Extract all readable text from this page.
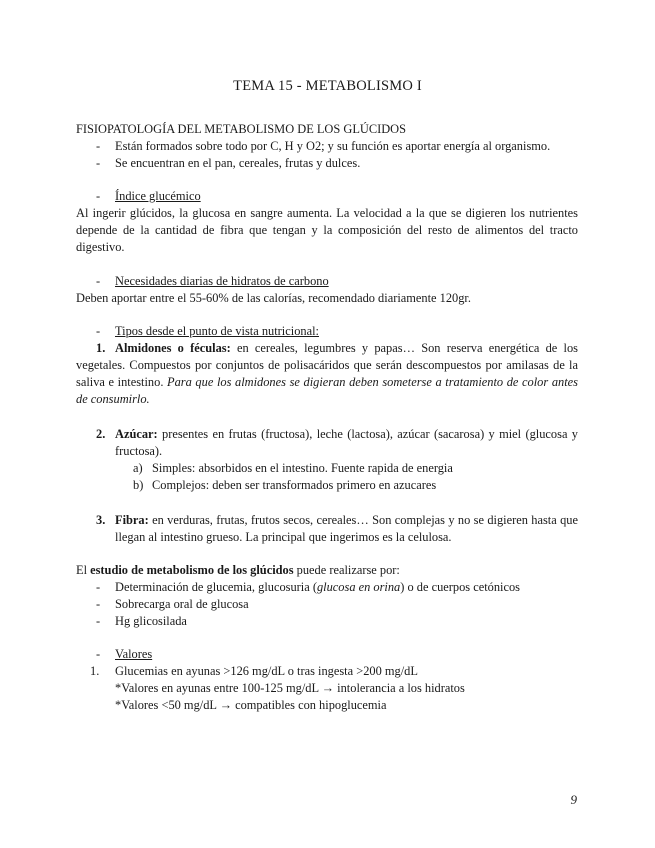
TEMA 15 - METABOLISMO I
FISIOPATOLOGÍA DEL METABOLISMO DE LOS GLÚCIDOS
- Están formados sobre todo por C, H y O2; y su función es aportar energía al organismo.
- Se encuentran en el pan, cereales, frutas y dulces.
- Índice glucémico
Al ingerir glúcidos, la glucosa en sangre aumenta. La velocidad a la que se digieren los nutrientes depende de la cantidad de fibra que tengan y la composición del resto de alimentos del tracto digestivo.
- Necesidades diarias de hidratos de carbono
Deben aportar entre el 55-60% de las calorías, recomendado diariamente 120gr.
- Tipos desde el punto de vista nutricional:
1. Almidones o féculas: en cereales, legumbres y papas… Son reserva energética de los vegetales. Compuestos por conjuntos de polisacáridos que serán descompuestos por amilasas de la saliva e intestino. Para que los almidones se digieran deben someterse a tratamiento de color antes de consumirlo.
2. Azúcar: presentes en frutas (fructosa), leche (lactosa), azúcar (sacarosa) y miel (glucosa y fructosa).
a) Simples: absorbidos en el intestino. Fuente rapida de energia
b) Complejos: deben ser transformados primero en azucares
3. Fibra: en verduras, frutas, frutos secos, cereales… Son complejas y no se digieren hasta que llegan al intestino grueso. La principal que ingerimos es la celulosa.
El estudio de metabolismo de los glúcidos puede realizarse por:
- Determinación de glucemia, glucosuria (glucosa en orina) o de cuerpos cetónicos
- Sobrecarga oral de glucosa
- Hg glicosilada
- Valores
1. Glucemias en ayunas >126 mg/dL o tras ingesta >200 mg/dL
*Valores en ayunas entre 100-125 mg/dL → intolerancia a los hidratos
*Valores <50 mg/dL → compatibles con hipoglucemia
9
